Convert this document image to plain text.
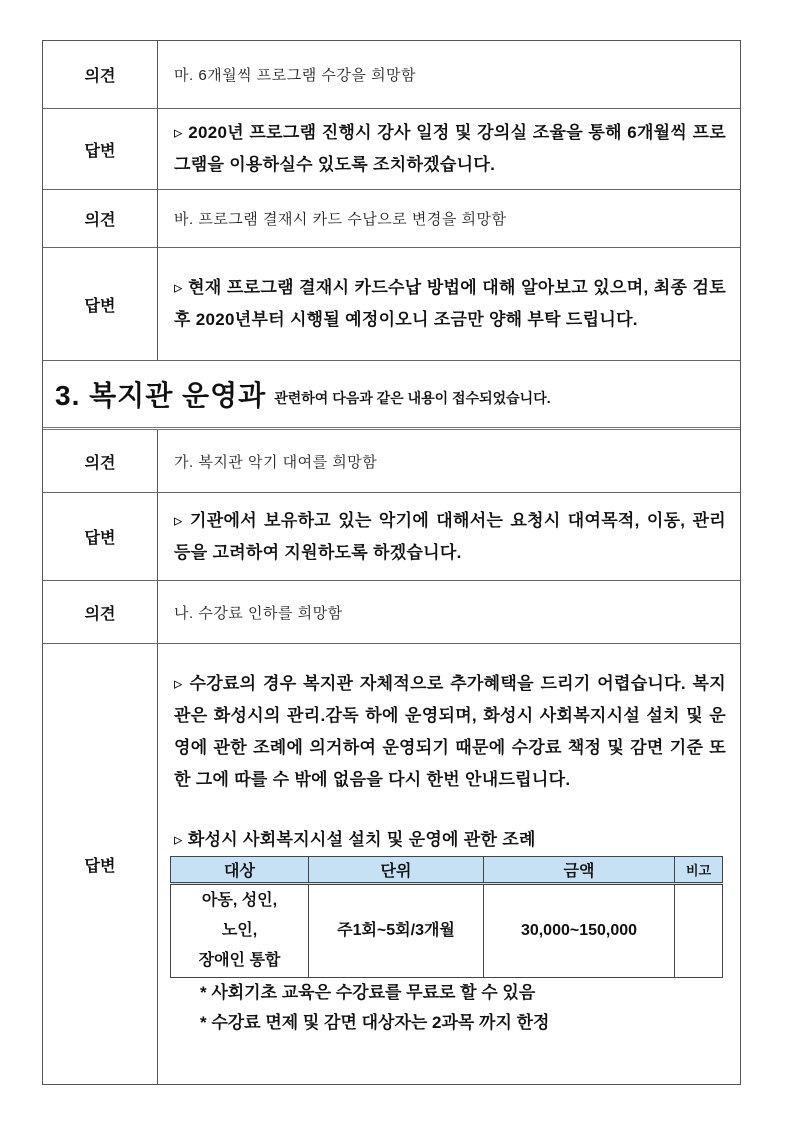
의견	마. 6개월씩 프로그램 수강을 희망함
답변
▹ 2020년 프로그램 진행시 강사 일정 및 강의실 조율을 통해 6개월씩 프로그램을 이용하실수 있도록 조치하겠습니다.
의견	바. 프로그램 결재시 카드 수납으로 변경을 희망함
답변
▹ 현재 프로그램 결재시 카드수납 방법에 대해 알아보고 있으며, 최종 검토 후 2020년부터 시행될 예정이오니 조금만 양해 부탁 드립니다.
3. 복지관 운영과 관련하여 다음과 같은 내용이 접수되었습니다.
의견	가. 복지관 악기 대여를 희망함
답변
▹ 기관에서 보유하고 있는 악기에 대해서는 요청시 대여목적, 이동, 관리 등을 고려하여 지원하도록 하겠습니다.
의견	나. 수강료 인하를 희망함
답변
▹ 수강료의 경우 복지관 자체적으로 추가혜택을 드리기 어렵습니다. 복지관은 화성시의 관리.감독 하에 운영되며, 화성시 사회복지시설 설치 및 운영에 관한 조례에 의거하여 운영되기 때문에 수강료 책정 및 감면 기준 또한 그에 따를 수 밖에 없음을 다시 한번 안내드립니다.
▹ 화성시 사회복지시설 설치 및 운영에 관한 조례
대상	단위	금액	비고

아동, 성인,
노인,
장애인 통합	주1회~5회/3개월	30,000~150,000	
* 사회기초 교육은 수강료를 무료로 할 수 있음
* 수강료 면제 및 감면 대상자는 2과목 까지 한정
